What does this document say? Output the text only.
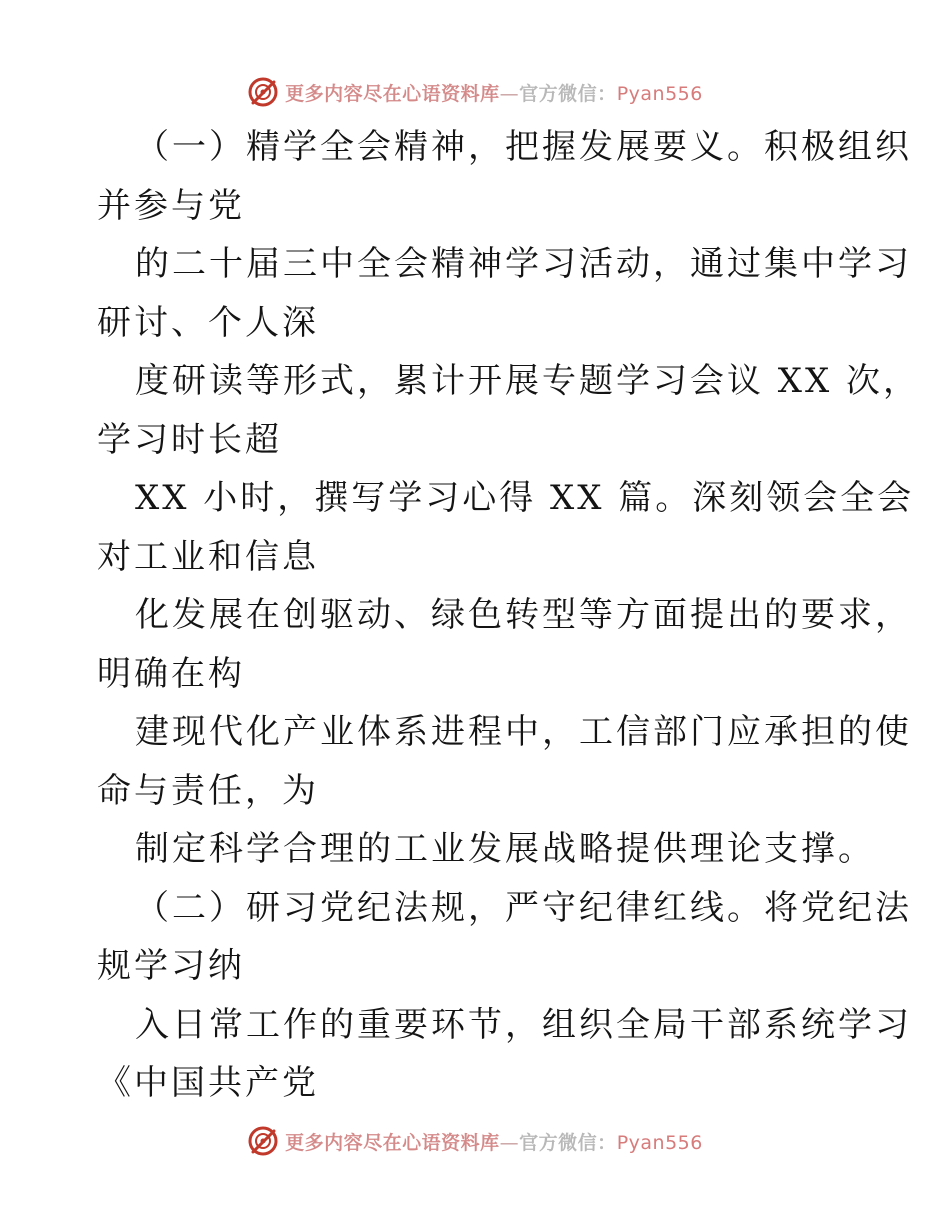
更多内容尽在心语资料库—官方微信：Pyan556
（一）精学全会精神，把握发展要义。积极组织
并参与党
的二十届三中全会精神学习活动，通过集中学习
研讨、个人深
度研读等形式，累计开展专题学习会议 XX 次，
学习时长超
XX 小时，撰写学习心得 XX 篇。深刻领会全会
对工业和信息
化发展在创驱动、绿色转型等方面提出的要求，
明确在构
建现代化产业体系进程中，工信部门应承担的使
命与责任，为
制定科学合理的工业发展战略提供理论支撑。
（二）研习党纪法规，严守纪律红线。将党纪法
规学习纳
入日常工作的重要环节，组织全局干部系统学习
《中国共产党
更多内容尽在心语资料库—官方微信：Pyan556
